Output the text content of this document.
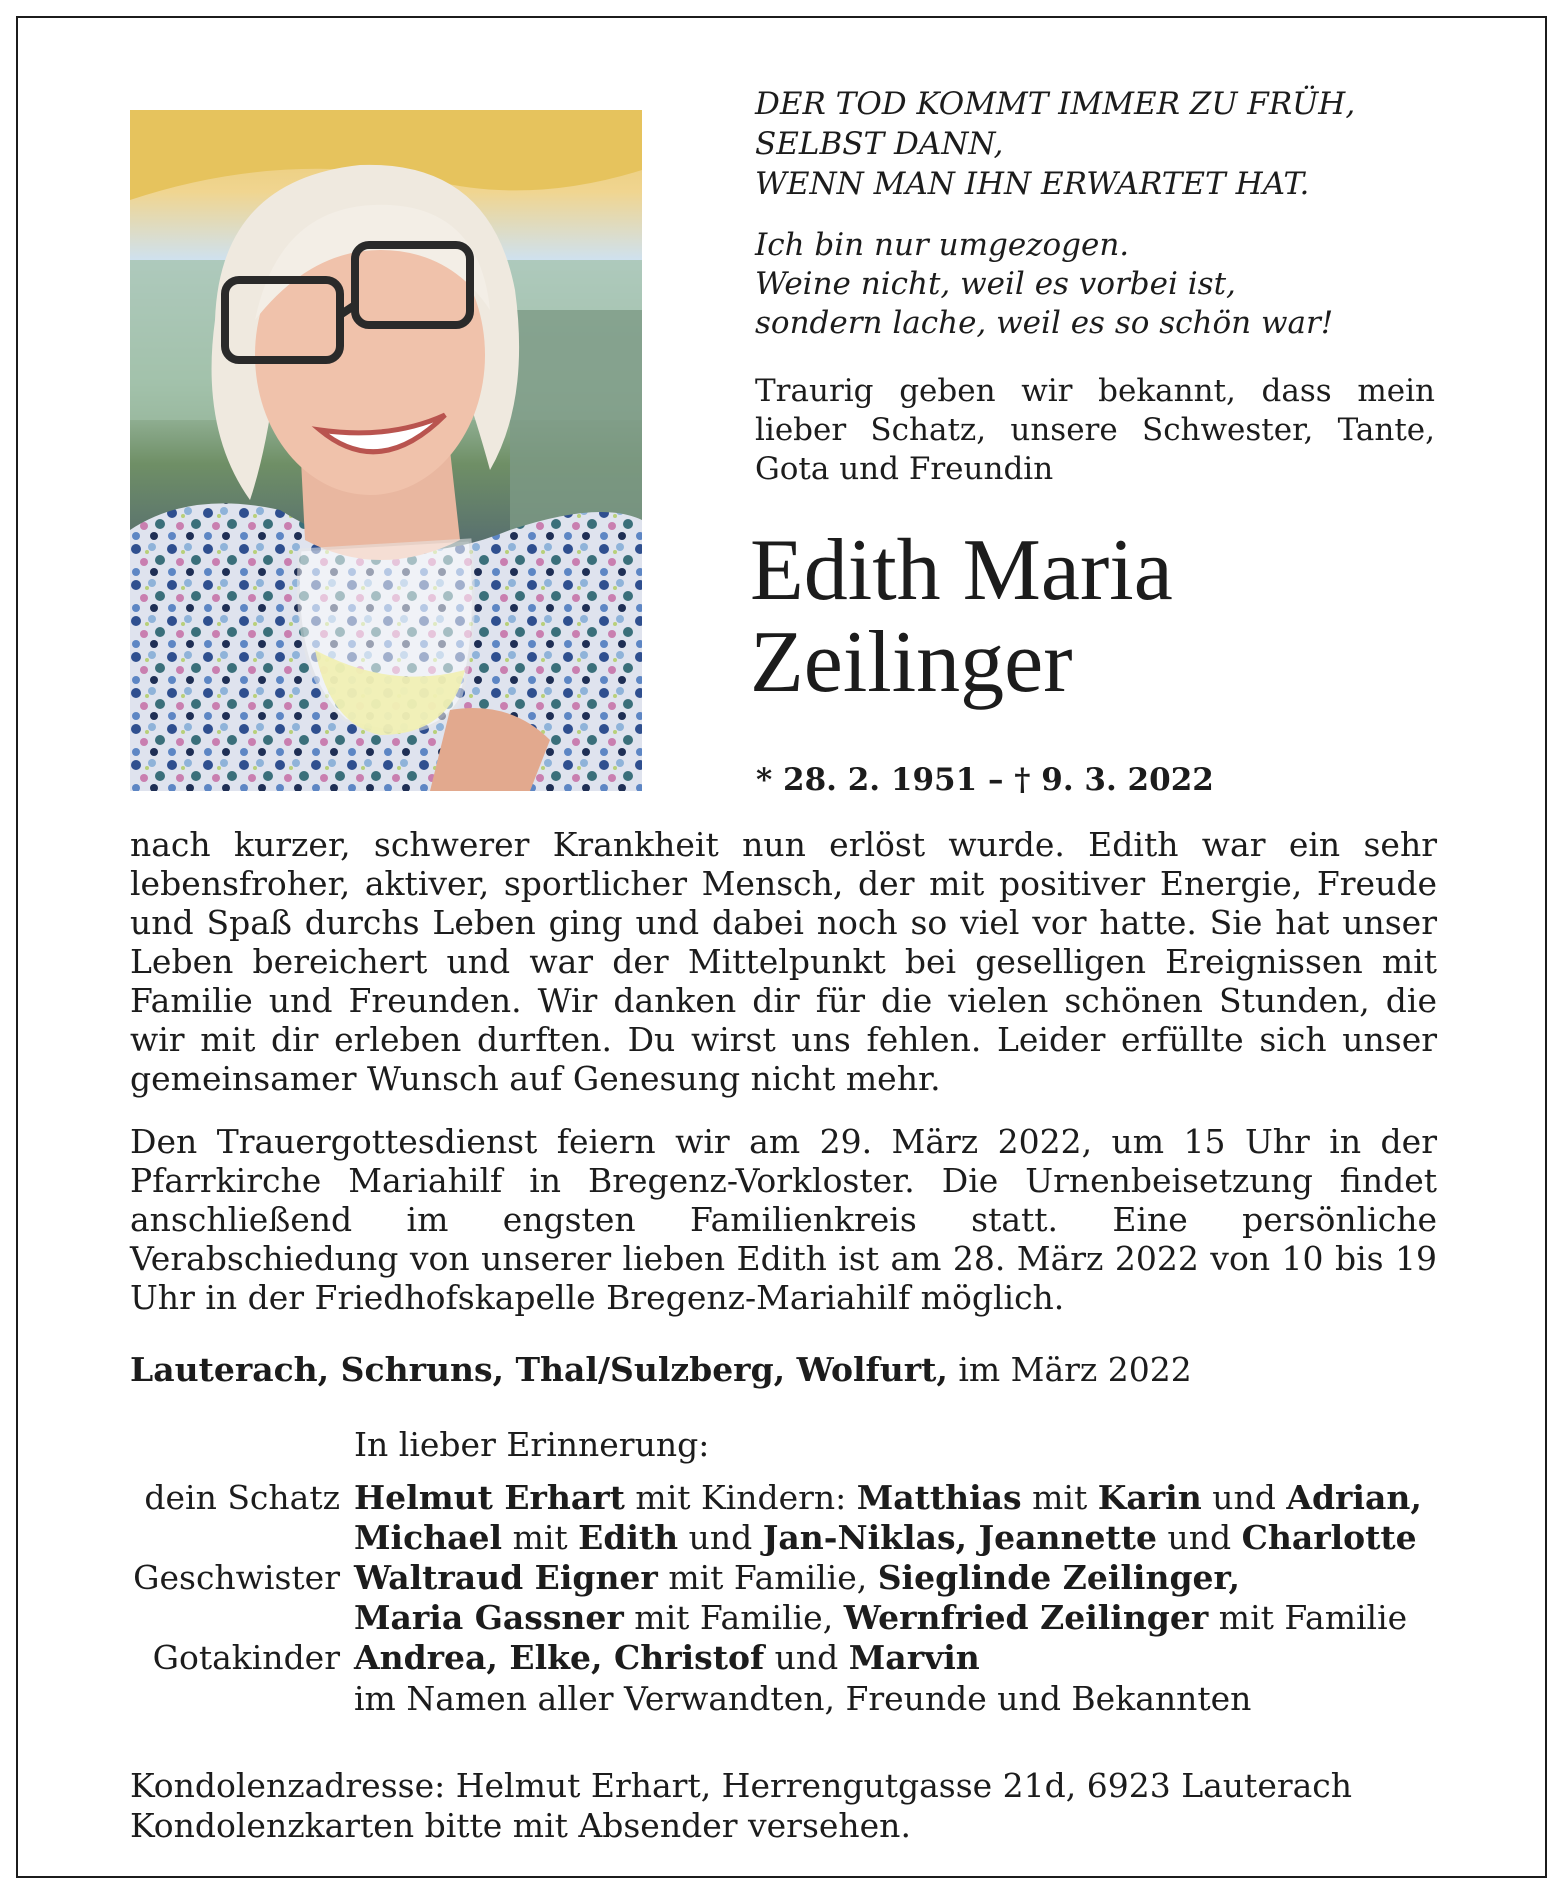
DER TOD KOMMT IMMER ZU FRÜH,
SELBST DANN,
WENN MAN IHN ERWARTET HAT.
Ich bin nur umgezogen.
Weine nicht, weil es vorbei ist,
sondern lache, weil es so schön war!
Traurig geben wir bekannt, dass mein lieber Schatz, unsere Schwester, Tante, Gota und Freundin
Edith Maria
Zeilinger
* 28. 2. 1951 – † 9. 3. 2022
nach kurzer, schwerer Krankheit nun erlöst wurde. Edith war ein sehr lebensfroher, aktiver, sportlicher Mensch, der mit positiver Energie, Freude und Spaß durchs Leben ging und dabei noch so viel vor hatte. Sie hat unser Leben bereichert und war der Mittelpunkt bei geselligen Ereignissen mit Familie und Freunden. Wir danken dir für die vielen schönen Stunden, die wir mit dir erleben durften. Du wirst uns fehlen. Leider erfüllte sich unser gemeinsamer Wunsch auf Genesung nicht mehr.
Den Trauergottesdienst feiern wir am 29. März 2022, um 15 Uhr in der Pfarrkirche Mariahilf in Bregenz-Vorkloster. Die Urnenbeisetzung findet anschließend im engsten Familienkreis statt. Eine persönliche Verabschiedung von unserer lieben Edith ist am 28. März 2022 von 10 bis 19 Uhr in der Friedhofskapelle Bregenz-Mariahilf möglich.
Lauterach, Schruns, Thal/Sulzberg, Wolfurt, im März 2022
In lieber Erinnerung:
dein Schatz	Helmut Erhart mit Kindern: Matthias mit Karin und Adrian,
	Michael mit Edith und Jan-Niklas, Jeannette und Charlotte
Geschwister	Waltraud Eigner mit Familie, Sieglinde Zeilinger,
	Maria Gassner mit Familie, Wernfried Zeilinger mit Familie
Gotakinder	Andrea, Elke, Christof und Marvin
im Namen aller Verwandten, Freunde und Bekannten
Kondolenzadresse: Helmut Erhart, Herrengutgasse 21d, 6923 Lauterach
Kondolenzkarten bitte mit Absender versehen.
